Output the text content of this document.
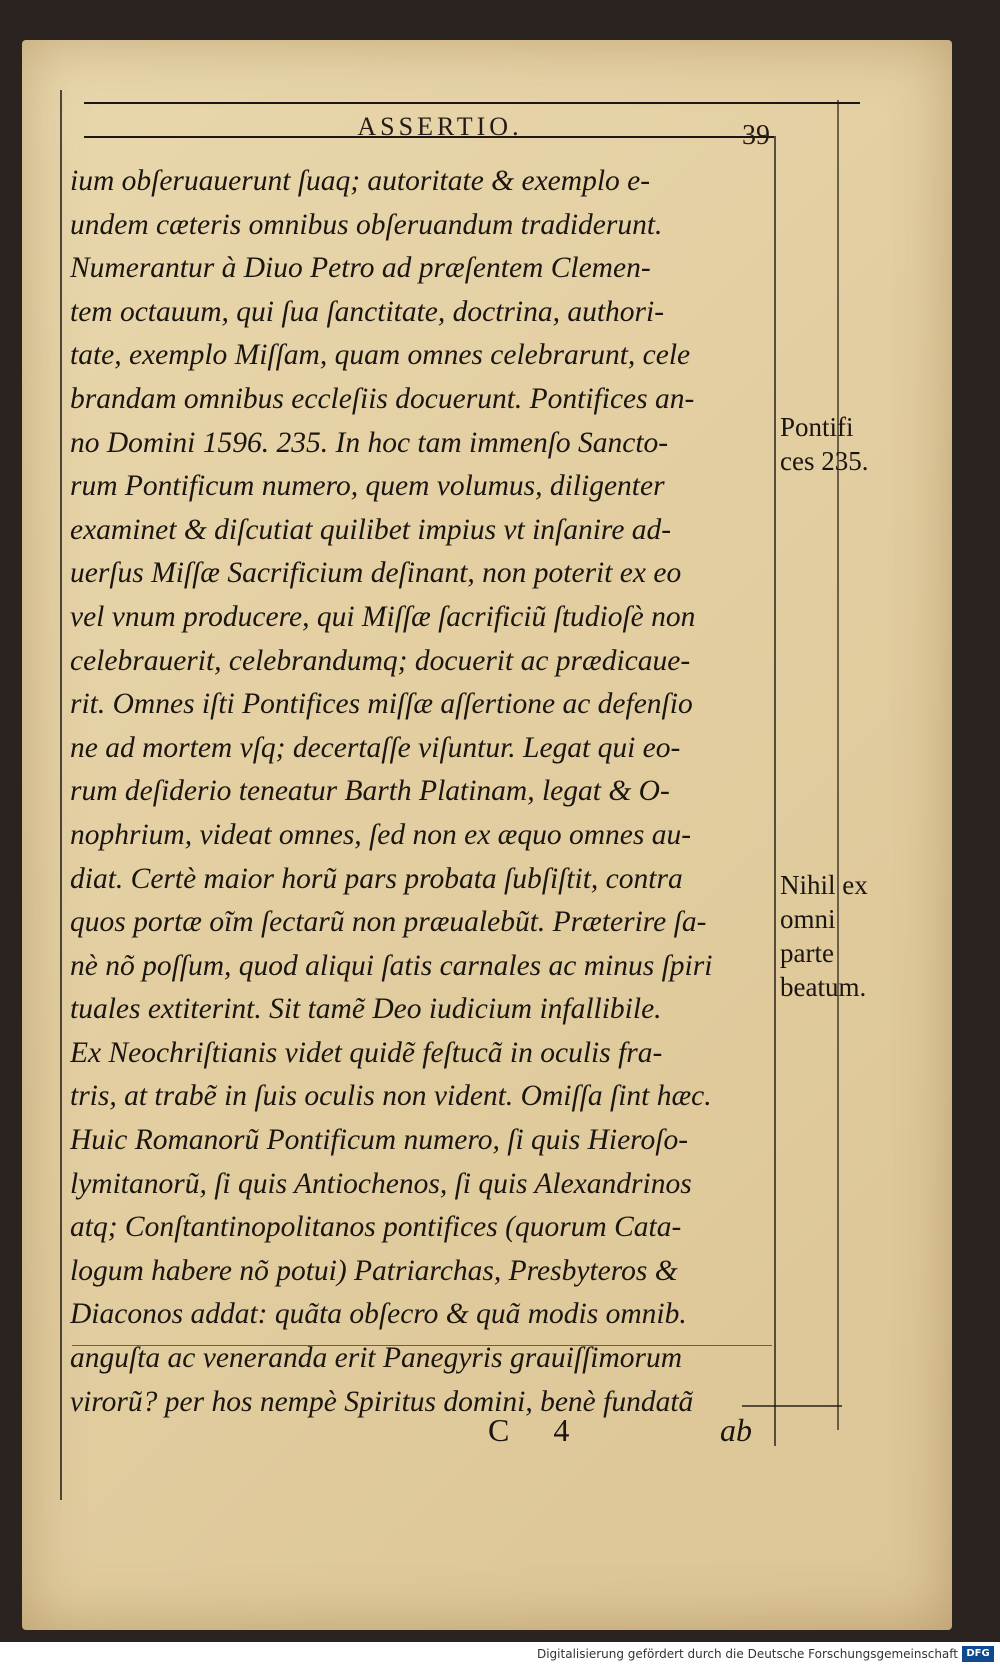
ASSERTIO.	39
ium obſeruauerunt ſuaq; autoritate & exemplo e-
undem cæteris omnibus obſeruandum tradiderunt.
Numerantur à Diuo Petro ad præſentem Clemen-
tem octauum, qui ſua ſanctitate, doctrina, authori-
tate, exemplo Miſſam, quam omnes celebrarunt, cele
brandam omnibus eccleſiis docuerunt. Pontifices an-
no Domini 1596. 235. In hoc tam immenſo Sancto-
rum Pontificum numero, quem volumus, diligenter
examinet & diſcutiat quilibet impius vt inſanire ad-
uerſus Miſſæ Sacrificium deſinant, non poterit ex eo
vel vnum producere, qui Miſſæ ſacrificiũ ſtudioſè non
celebrauerit, celebrandumq; docuerit ac prædicaue-
rit. Omnes iſti Pontifices miſſæ aſſertione ac defenſio
ne ad mortem vſq; decertaſſe viſuntur. Legat qui eo-
rum deſiderio teneatur Barth Platinam, legat & O-
nophrium, videat omnes, ſed non ex æquo omnes au-
diat. Certè maior horũ pars probata ſubſiſtit, contra
quos portæ oĩm ſectarũ non præualebũt. Præterire ſa-
nè nõ poſſum, quod aliqui ſatis carnales ac minus ſpiri
tuales extiterint. Sit tamẽ Deo iudicium infallibile.
Ex Neochriſtianis videt quidẽ feſtucã in oculis fra-
tris, at trabẽ in ſuis oculis non vident. Omiſſa ſint hæc.
Huic Romanorũ Pontificum numero, ſi quis Hieroſo-
lymitanorũ, ſi quis Antiochenos, ſi quis Alexandrinos
atq; Conſtantinopolitanos pontifices (quorum Cata-
logum habere nõ potui) Patriarchas, Presbyteros &
Diaconos addat: quãta obſecro & quã modis omnib.
anguſta ac veneranda erit Panegyris grauiſſimorum
virorũ? per hos nempè Spiritus domini, benè fundatã
Pontifi
ces 235.
Nihil ex
omni
parte
beatum.
C 4	ab
Digitalisierung gefördert durch die Deutsche Forschungsgemeinschaft DFG
